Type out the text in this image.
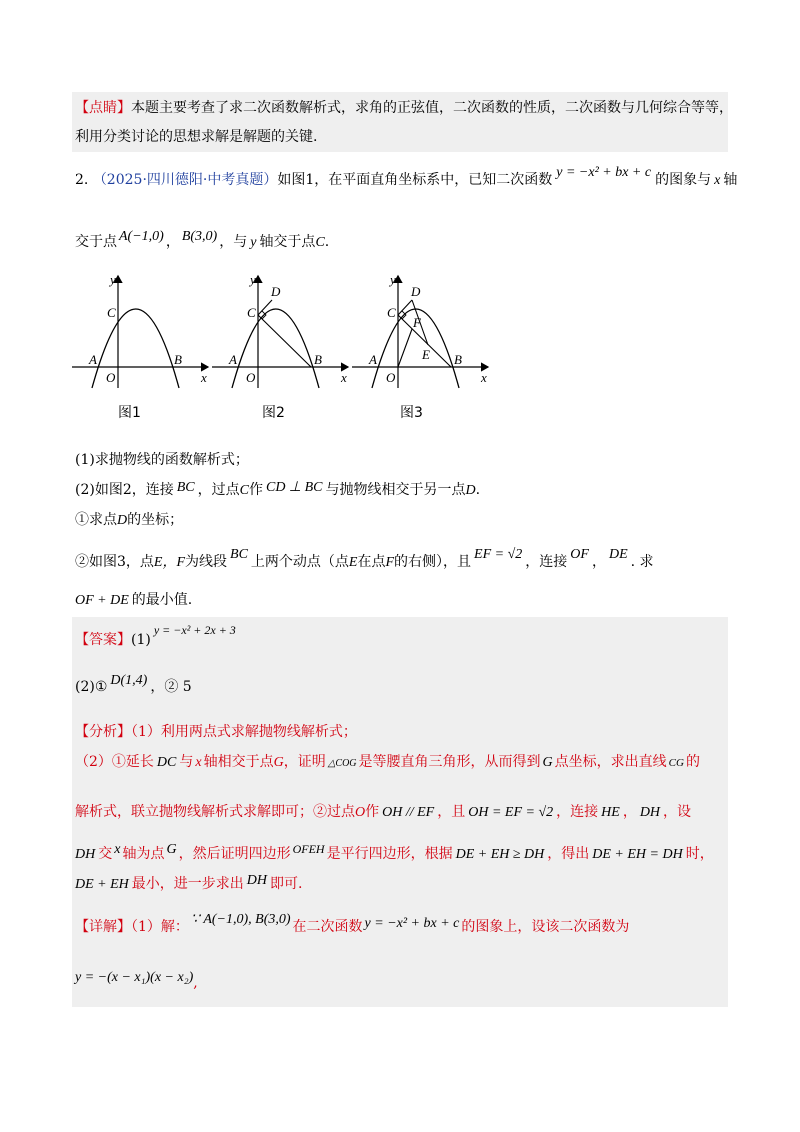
【点睛】本题主要考查了求二次函数解析式，求角的正弦值，二次函数的性质，二次函数与几何综合等等，
利用分类讨论的思想求解是解题的关键.
2. （2025·四川德阳·中考真题）如图1，在平面直角坐标系中，已知二次函数 y = −x² + bx + c 的图象与 x 轴
交于点 A(−1,0) ， B(3,0) ，与 y 轴交于点C.
y
x
O
A	B
C
y
x
O
A	B
C
D
y
x
O
A	B
C
D
F
E
图1	图2	图3
(1)求抛物线的函数解析式；
(2)如图2，连接 BC ，过点C作 CD ⊥ BC 与抛物线相交于另一点D.
①求点D的坐标；
②如图3，点E，F为线段 BC 上两个动点（点E在点F的右侧），且 EF = √2 ，连接 OF ， DE . 求
OF + DE 的最小值.
【答案】(1)y = −x² + 2x + 3
(2)① D(1,4) ，② 5
【分析】（1）利用两点式求解抛物线解析式；
（2）①延长 DC 与 x 轴相交于点G，证明 △COG 是等腰直角三角形，从而得到 G 点坐标，求出直线 CG 的
解析式，联立抛物线解析式求解即可；②过点O作 OH // EF ，且 OH = EF = √2 ，连接 HE ， DH ，设
DH 交 x 轴为点 G ，然后证明四边形 OFEH 是平行四边形，根据 DE + EH ≥ DH ，得出 DE + EH = DH 时，
DE + EH 最小，进一步求出 DH 即可.
【详解】（1）解： ∵ A(−1,0), B(3,0) 在二次函数 y = −x² + bx + c 的图象上，设该二次函数为
y = −(x − x₁)(x − x₂),
